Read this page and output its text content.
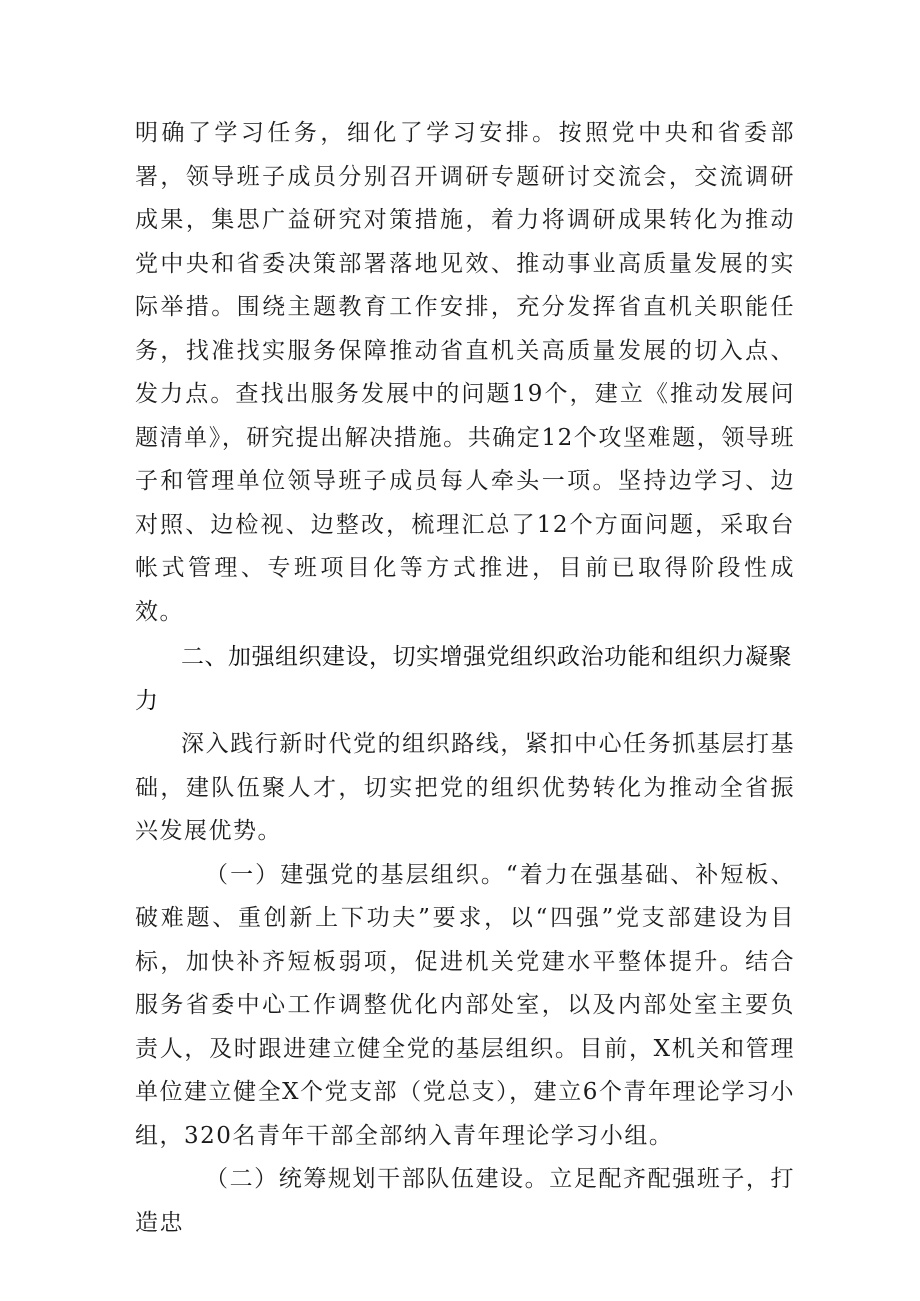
明确了学习任务，细化了学习安排。按照党中央和省委部署，领导班子成员分别召开调研专题研讨交流会，交流调研成果，集思广益研究对策措施，着力将调研成果转化为推动党中央和省委决策部署落地见效、推动事业高质量发展的实际举措。围绕主题教育工作安排，充分发挥省直机关职能任务，找准找实服务保障推动省直机关高质量发展的切入点、发力点。查找出服务发展中的问题19个，建立《推动发展问题清单》，研究提出解决措施。共确定12个攻坚难题，领导班子和管理单位领导班子成员每人牵头一项。坚持边学习、边对照、边检视、边整改，梳理汇总了12个方面问题，采取台帐式管理、专班项目化等方式推进，目前已取得阶段性成效。

二、加强组织建设，切实增强党组织政治功能和组织力凝聚力

深入践行新时代党的组织路线，紧扣中心任务抓基层打基础，建队伍聚人才，切实把党的组织优势转化为推动全省振兴发展优势。

（一）建强党的基层组织。“着力在强基础、补短板、破难题、重创新上下功夫”要求，以“四强”党支部建设为目标，加快补齐短板弱项，促进机关党建水平整体提升。结合服务省委中心工作调整优化内部处室，以及内部处室主要负责人，及时跟进建立健全党的基层组织。目前，X机关和管理单位建立健全X个党支部（党总支），建立6个青年理论学习小组，320名青年干部全部纳入青年理论学习小组。

（二）统筹规划干部队伍建设。立足配齐配强班子，打造忠
